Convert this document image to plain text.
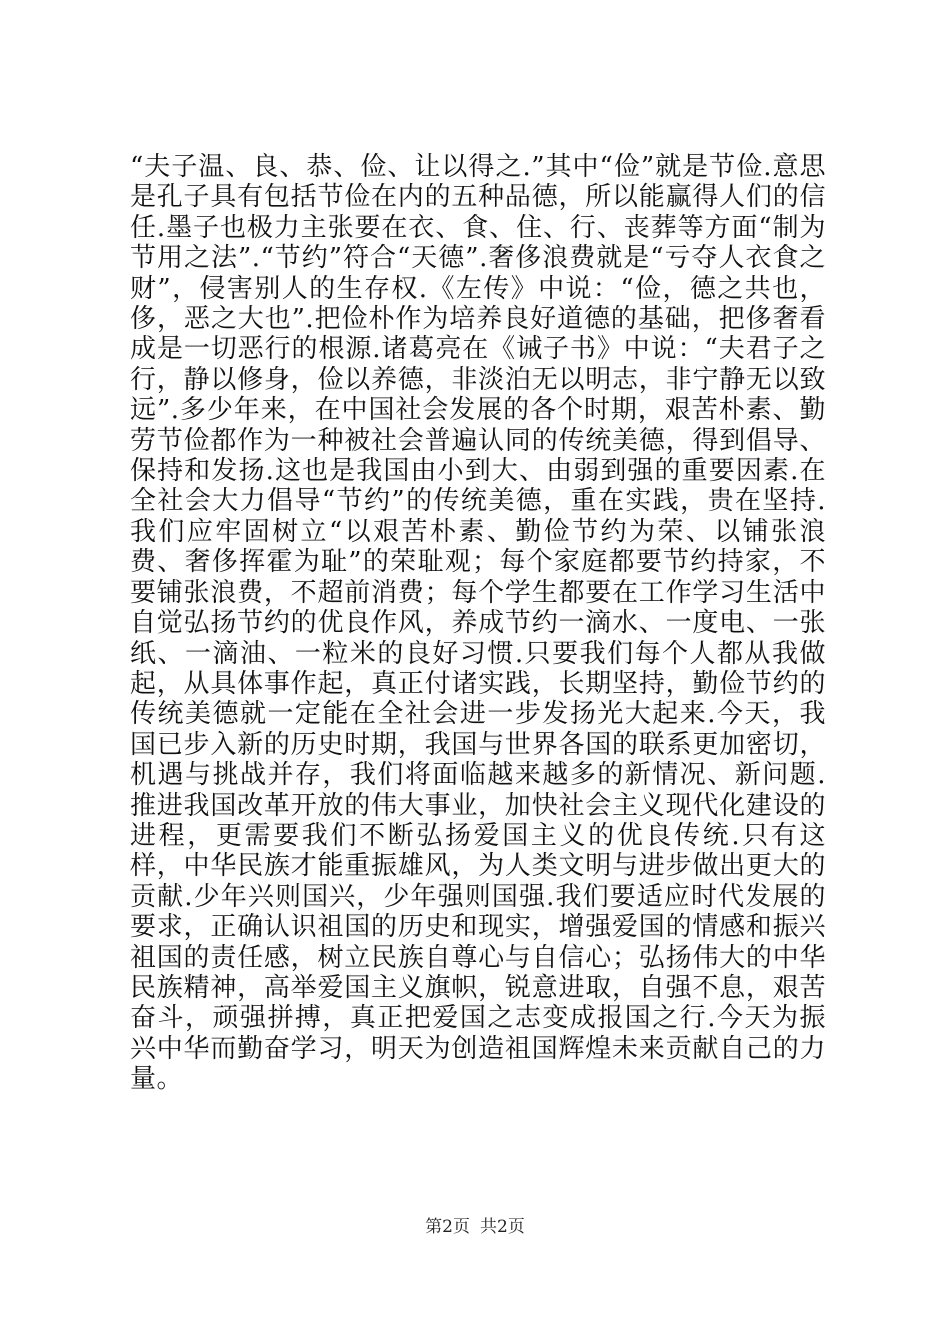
“夫子温、良、恭、俭、让以得之.”其中“俭”就是节俭.意思是孔子具有包括节俭在内的五种品德，所以能赢得人们的信任.墨子也极力主张要在衣、食、住、行、丧葬等方面“制为节用之法”.“节约”符合“天德”.奢侈浪费就是“亏夺人衣食之财”，侵害别人的生存权.《左传》中说：“俭，德之共也，侈，恶之大也”.把俭朴作为培养良好道德的基础，把侈奢看成是一切恶行的根源.诸葛亮在《诫子书》中说：“夫君子之行，静以修身，俭以养德，非淡泊无以明志，非宁静无以致远”.多少年来，在中国社会发展的各个时期，艰苦朴素、勤劳节俭都作为一种被社会普遍认同的传统美德，得到倡导、保持和发扬.这也是我国由小到大、由弱到强的重要因素.在全社会大力倡导“节约”的传统美德，重在实践，贵在坚持.我们应牢固树立“以艰苦朴素、勤俭节约为荣、以铺张浪费、奢侈挥霍为耻”的荣耻观；每个家庭都要节约持家，不要铺张浪费，不超前消费；每个学生都要在工作学习生活中自觉弘扬节约的优良作风，养成节约一滴水、一度电、一张纸、一滴油、一粒米的良好习惯.只要我们每个人都从我做起，从具体事作起，真正付诸实践，长期坚持，勤俭节约的传统美德就一定能在全社会进一步发扬光大起来.今天，我国已步入新的历史时期，我国与世界各国的联系更加密切，机遇与挑战并存，我们将面临越来越多的新情况、新问题.推进我国改革开放的伟大事业，加快社会主义现代化建设的进程，更需要我们不断弘扬爱国主义的优良传统.只有这样，中华民族才能重振雄风，为人类文明与进步做出更大的贡献.少年兴则国兴，少年强则国强.我们要适应时代发展的要求，正确认识祖国的历史和现实，增强爱国的情感和振兴祖国的责任感，树立民族自尊心与自信心；弘扬伟大的中华民族精神，高举爱国主义旗帜，锐意进取，自强不息，艰苦奋斗，顽强拼搏，真正把爱国之志变成报国之行.今天为振兴中华而勤奋学习，明天为创造祖国辉煌未来贡献自己的力量。

第2页 共2页
